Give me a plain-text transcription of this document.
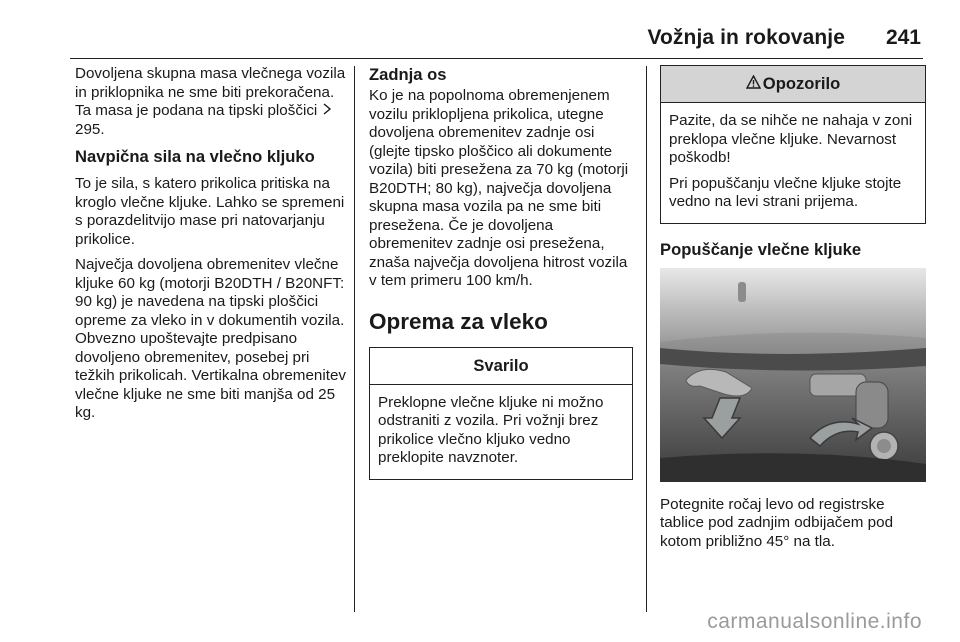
Vožnja in rokovanje 241

Dovoljena skupna masa vlečnega vozila in priklopnika ne sme biti prekoračena. Ta masa je podana na tipski ploščici  295.

Navpična sila na vlečno kljuko

To je sila, s katero prikolica pritiska na kroglo vlečne kljuke. Lahko se spremeni s porazdelitvijo mase pri natovarjanju prikolice.

Največja dovoljena obremenitev vlečne kljuke 60 kg (motorji B20DTH / B20NFT: 90 kg) je navedena na tipski ploščici opreme za vleko in v dokumentih vozila. Obvezno upoštevajte predpisano dovoljeno obremenitev, posebej pri težkih prikolicah. Vertikalna obremenitev vlečne kljuke ne sme biti manjša od 25 kg.

Zadnja os

Ko je na popolnoma obremenjenem vozilu priklopljena prikolica, utegne dovoljena obremenitev zadnje osi (glejte tipsko ploščico ali dokumente vozila) biti presežena za 70 kg (motorji B20DTH; 80 kg), največja dovoljena skupna masa vozila pa ne sme biti presežena. Če je dovoljena obremenitev zadnje osi presežena, znaša največja dovoljena hitrost vozila v tem primeru 100 km/h.

Oprema za vleko
Svarilo

Preklopne vlečne kljuke ni možno odstraniti z vozila. Pri vožnji brez prikolice vlečno kljuko vedno preklopite navznoter.

Opozorilo

Pazite, da se nihče ne nahaja v zoni preklopa vlečne kljuke. Nevarnost poškodb!

Pri popuščanju vlečne kljuke stojte vedno na levi strani prijema.

Popuščanje vlečne kljuke

Potegnite ročaj levo od registrske tablice pod zadnjim odbijačem pod kotom približno 45° na tla.

carmanualsonline.info
